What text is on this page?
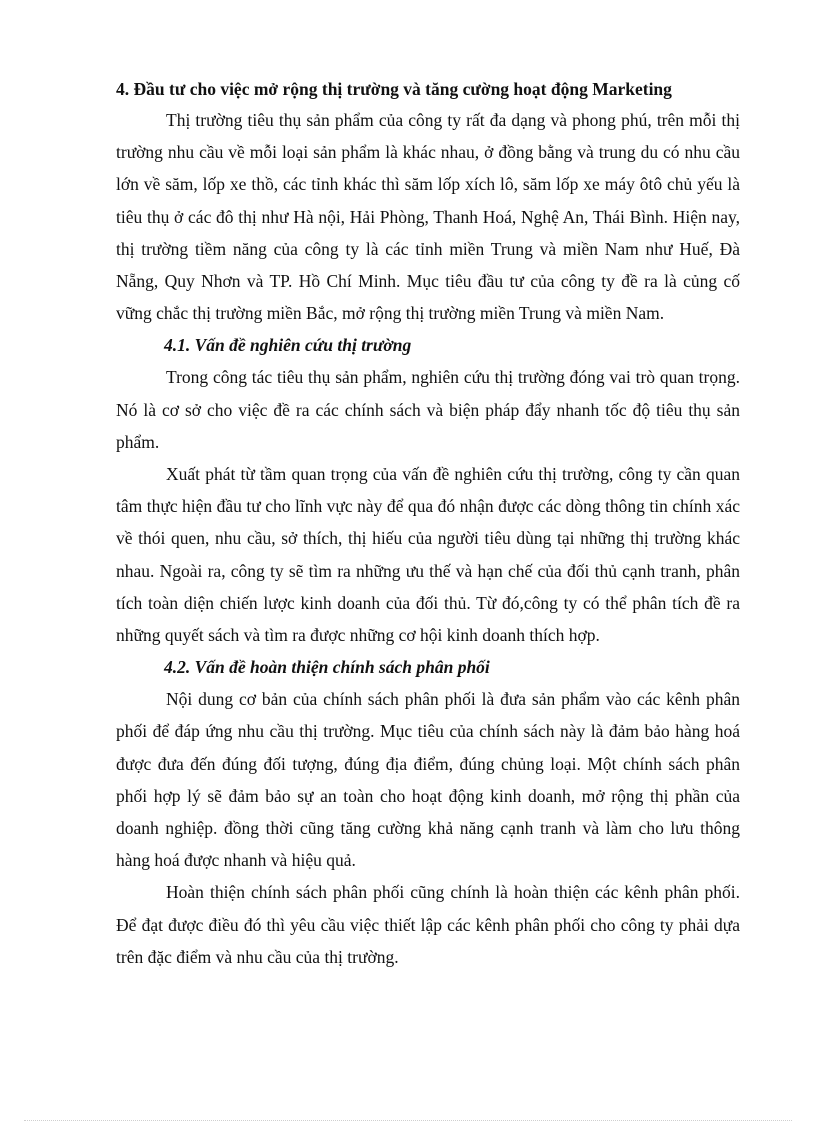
4. Đầu tư cho việc mở rộng thị trường và tăng cường hoạt động Marketing

Thị trường tiêu thụ sản phẩm của công ty rất đa dạng và phong phú, trên mỗi thị trường nhu cầu về mỗi loại sản phẩm là khác nhau, ở đồng bằng và trung du có nhu cầu lớn về săm, lốp xe thồ, các tỉnh khác thì săm lốp xích lô, săm lốp xe máy ôtô chủ yếu là tiêu thụ ở các đô thị như Hà nội, Hải Phòng, Thanh Hoá, Nghệ An, Thái Bình. Hiện nay, thị trường tiềm năng của công ty là các tỉnh miền Trung và miền Nam như Huế, Đà Nẵng, Quy Nhơn và TP. Hồ Chí Minh. Mục tiêu đầu tư của công ty đề ra là củng cố vững chắc thị trường miền Bắc, mở rộng thị trường miền Trung và miền Nam.

4.1. Vấn đề nghiên cứu thị trường

Trong công tác tiêu thụ sản phẩm, nghiên cứu thị trường đóng vai trò quan trọng. Nó là cơ sở cho việc đề ra các chính sách và biện pháp đẩy nhanh tốc độ tiêu thụ sản phẩm.

Xuất phát từ tầm quan trọng của vấn đề nghiên cứu thị trường, công ty cần quan tâm thực hiện đầu tư cho lĩnh vực này để qua đó nhận được các dòng thông tin chính xác về thói quen, nhu cầu, sở thích, thị hiếu của người tiêu dùng tại những thị trường khác nhau. Ngoài ra, công ty sẽ tìm ra những ưu thế và hạn chế của đối thủ cạnh tranh, phân tích toàn diện chiến lược kinh doanh của đối thủ. Từ đó,công ty có thể phân tích đề ra những quyết sách và tìm ra được những cơ hội kinh doanh thích hợp.

4.2. Vấn đề hoàn thiện chính sách phân phối

Nội dung cơ bản của chính sách phân phối là đưa sản phẩm vào các kênh phân phối để đáp ứng nhu cầu thị trường. Mục tiêu của chính sách này là đảm bảo hàng hoá được đưa đến đúng đối tượng, đúng địa điểm, đúng chủng loại. Một chính sách phân phối hợp lý sẽ đảm bảo sự an toàn cho hoạt động kinh doanh, mở rộng thị phần của doanh nghiệp. đồng thời cũng tăng cường khả năng cạnh tranh và làm cho lưu thông hàng hoá được nhanh và hiệu quả.

Hoàn thiện chính sách phân phối cũng chính là hoàn thiện các kênh phân phối. Để đạt được điều đó thì yêu cầu việc thiết lập các kênh phân phối cho công ty phải dựa trên đặc điểm và nhu cầu của thị trường.
